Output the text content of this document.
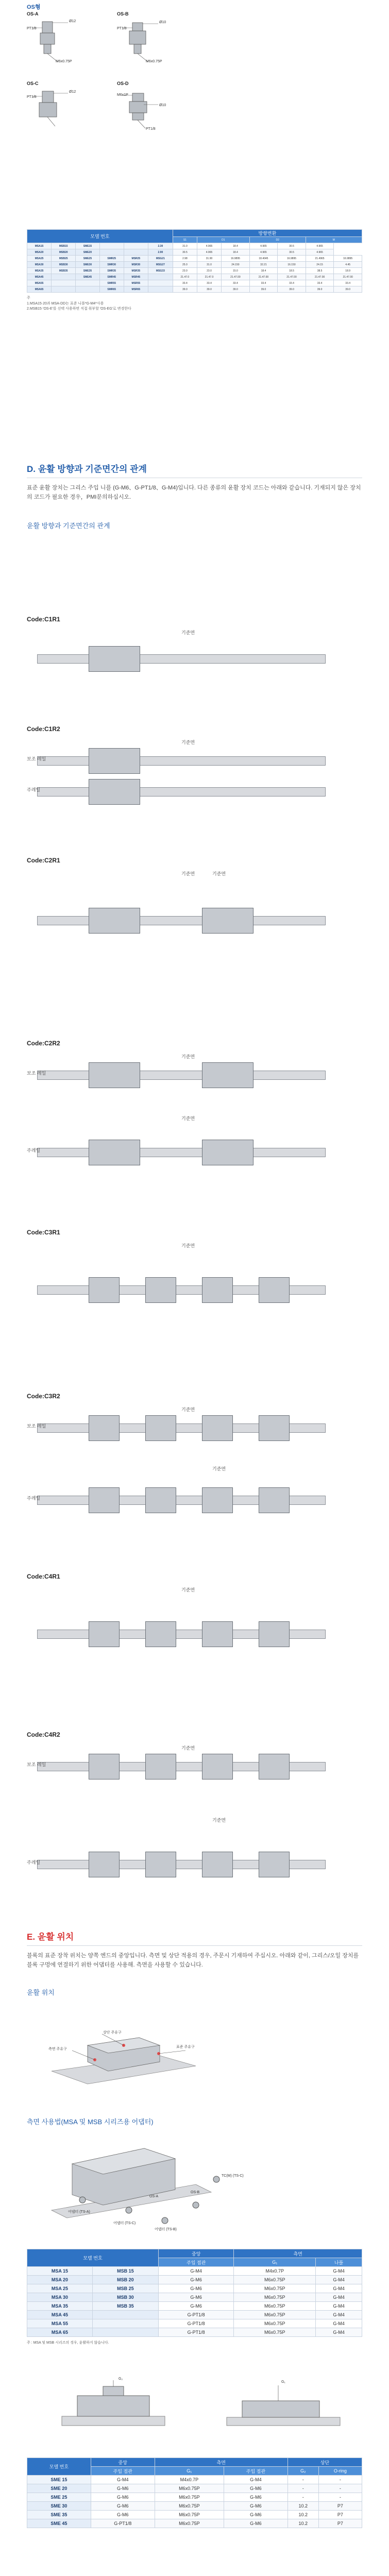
OS형
OS-A
PT1/8
Ø12
M6x0.75P
OS-B
PT1/8
Ø10
M6x0.75P
OS-C
PT1/8
Ø12
OS-D
M6x1P
Ø10
PT1/8
모델 번호						방향변환						
						S1	D1		D2		M	
MSA15	MSB15	SME15			2.30	31.0	4.965	18.4	4.965	30.5	4.965	
MSA20	MSB20	SME20			2.90	30.5	4.965	18.4	4.965	30.5	4.965	
MSA25	MSB25	SME25	SMR25	MSR25	MSG21	2.98	31.90	16.9895	18.4045	16.9895	21.4965	16.9895
MSA30	MSB30	SME30	SMR30	MSR30	MSG27	25.0	31.0	24.150	32.21	16.150	24.15	4.45
MSA35	MSB35	SME35	SMR35	MSR35	MSG33	23.0	23.0	15.0	18.4	18.5	38.5	18.9
MSA45		SME45	SMR45	MSR45		21.47.0	21.47.0	21.47.00	21.47.00	21.47.00	21.47.00	21.47.00
MSA55			SMR55	MSR55		33.4	33.4	33.4	33.4	33.4	33.4	33.4
MSA65			SMR65	MSR65		39.0	39.0	39.0	39.0	39.0	39.0	39.0
주
1.MSA15·20과 MSA-DD는 표준 니플*G-M4*사용
2.MSB15·'OS-E'를 선택 사용하면 직접 취부할 'OS-EG'로 변경한다
D. 윤활 방향과 기준면간의 관계
표준 윤활 장치는 그리스 주입 니플 (G-M6、G-PT1/8、G-M4)입니다. 다른 종류의 윤활 장치 코드는 아래와 같습니다. 기재되지 않은 장치의 코드가 필요한 경우，PMI문의하십시오.
윤활 방향과 기준면간의 관계
Code:C1R1
기준면
Code:C1R2
기준면
보조 레일
주레일
Code:C2R1
기준면	기준면
Code:C2R2
기준면
보조 레일
기준면
주레일
Code:C3R1
기준면
Code:C3R2
기준면
보조 레일
주레일
기준면
Code:C4R1
기준면
Code:C4R2
기준면
보조 레일
주레일
기준면
E. 윤활 위치
블록의 표준 장착 위치는 양쪽 엔드의 중앙입니다. 측면 및 상단 적용의 경우, 주문시 기재하여 주십시오. 아래와 같이, 그리스/오일 장치를 블록 구멍에 연결하기 위한 어댑터를 사용해. 측면을 사용할 수 있습니다.
윤활 위치
상단 주유구
측면 주유구
표준 주유구
측면 사용법(MSA 및 MSB 시리즈용 어댑터)
어댑터 (TS-A)
어댑터 (TS-C)
OS-A
OS-B
어댑터 (TS-B)
TC(M) (TS-C)
모델 번호		중앙	측면	
		주입 접관	G₁	나플
MSA 15	MSB 15	G-M4	M4x0.7P	G-M4
MSA 20	MSB 20	G-M6	M6x0.75P	G-M4
MSA 25	MSB 25	G-M6	M6x0.75P	G-M4
MSA 30	MSB 30	G-M6	M6x0.75P	G-M4
MSA 35	MSB 35	G-M6	M6x0.75P	G-M4
MSA 45		G-PT1/8	M6x0.75P	G-M4
MSA 55		G-PT1/8	M6x0.75P	G-M4
MSA 65		G-PT1/8	M6x0.75P	G-M4
주 : MSA 및 MSB 시리즈의 경우, 윤활하지 않습니다.
G₂
G₁
모델 번호	중앙	측면		상단	
	주입 접관	G₁	주입 접관	G₂	O-ring
SME 15	G-M4	M4x0.7P	G-M4	-	-
SME 20	G-M6	M6x0.75P	G-M6	-	-
SME 25	G-M6	M6x0.75P	G-M6	-	-
SME 30	G-M6	M6x0.75P	G-M6	10.2	P7
SME 35	G-M6	M6x0.75P	G-M6	10.2	P7
SME 45	G-PT1/8	M6x0.75P	G-M6	10.2	P7
